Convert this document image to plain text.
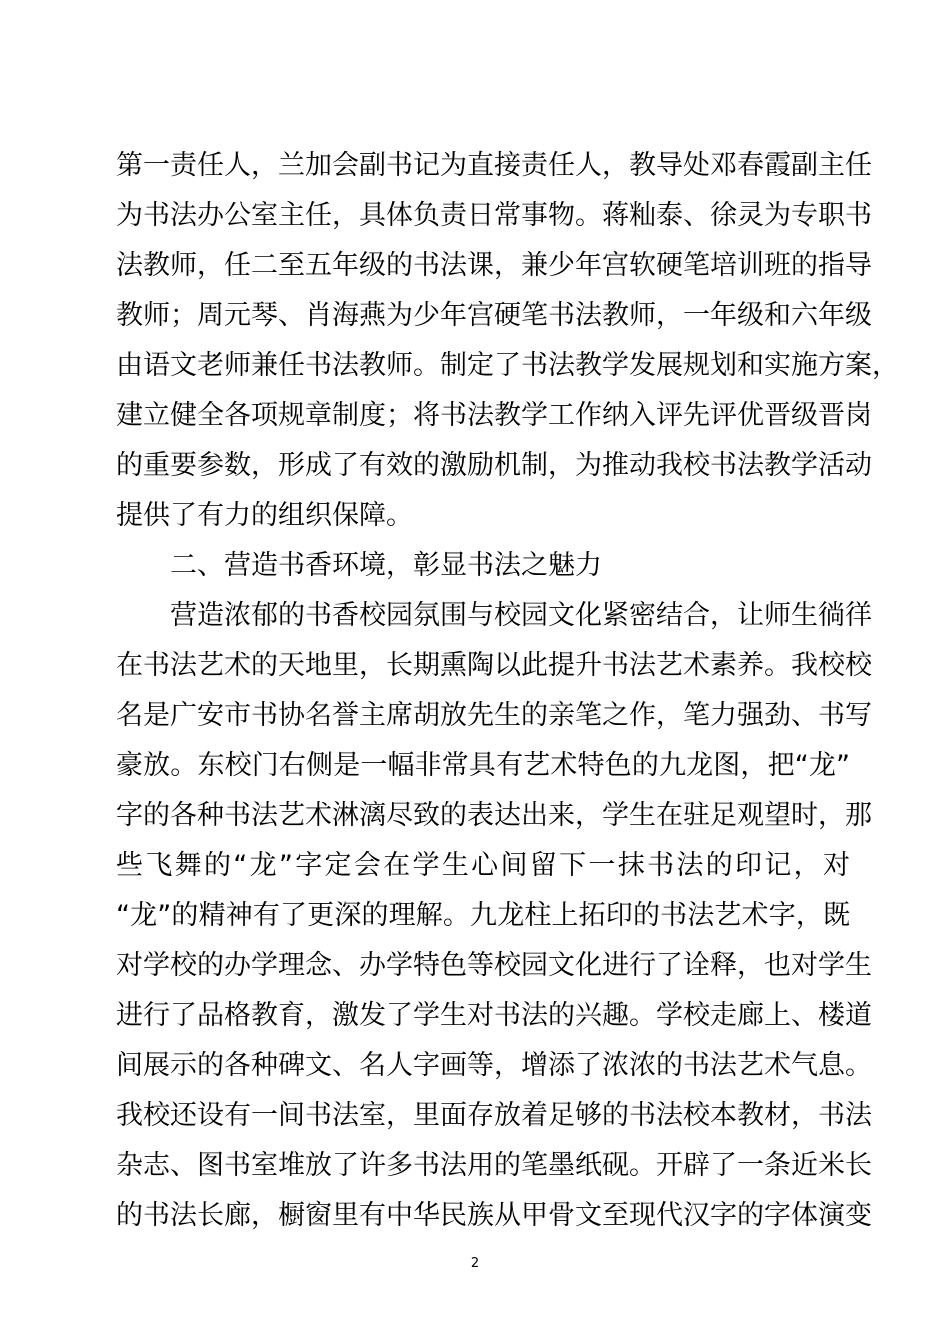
第一责任人，兰加会副书记为直接责任人，教导处邓春霞副主任
为书法办公室主任，具体负责日常事物。蒋籼泰、徐灵为专职书
法教师，任二至五年级的书法课，兼少年宫软硬笔培训班的指导
教师；周元琴、肖海燕为少年宫硬笔书法教师，一年级和六年级
由语文老师兼任书法教师。制定了书法教学发展规划和实施方案，
建立健全各项规章制度；将书法教学工作纳入评先评优晋级晋岗
的重要参数，形成了有效的激励机制，为推动我校书法教学活动
提供了有力的组织保障。
二、营造书香环境，彰显书法之魅力
营造浓郁的书香校园氛围与校园文化紧密结合，让师生徜徉
在书法艺术的天地里，长期熏陶以此提升书法艺术素养。我校校
名是广安市书协名誉主席胡放先生的亲笔之作，笔力强劲、书写
豪放。东校门右侧是一幅非常具有艺术特色的九龙图，把“龙”
字的各种书法艺术淋漓尽致的表达出来，学生在驻足观望时，那
些飞舞的“龙”字定会在学生心间留下一抹书法的印记，对
“龙”的精神有了更深的理解。九龙柱上拓印的书法艺术字，既
对学校的办学理念、办学特色等校园文化进行了诠释，也对学生
进行了品格教育，激发了学生对书法的兴趣。学校走廊上、楼道
间展示的各种碑文、名人字画等，增添了浓浓的书法艺术气息。
我校还设有一间书法室，里面存放着足够的书法校本教材，书法
杂志、图书室堆放了许多书法用的笔墨纸砚。开辟了一条近米长
的书法长廊，橱窗里有中华民族从甲骨文至现代汉字的字体演变
2
